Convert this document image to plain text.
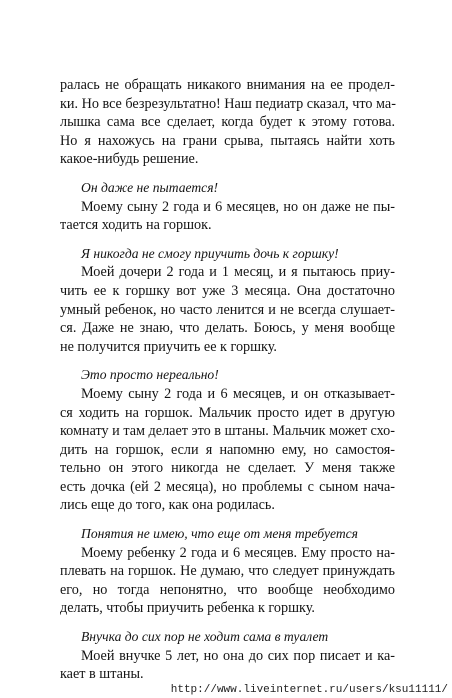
ралась не обращать никакого внимания на ее продел-
ки. Но все безрезультатно! Наш педиатр сказал, что ма-
лышка сама все сделает, когда будет к этому готова.
Но я нахожусь на грани срыва, пытаясь найти хоть
какое-нибудь решение.

Он даже не пытается!

Моему сыну 2 года и 6 месяцев, но он даже не пы-
тается ходить на горшок.

Я никогда не смогу приучить дочь к горшку!

Моей дочери 2 года и 1 месяц, и я пытаюсь приу-
чить ее к горшку вот уже 3 месяца. Она достаточно
умный ребенок, но часто ленится и не всегда слушает-
ся. Даже не знаю, что делать. Боюсь, у меня вообще
не получится приучить ее к горшку.

Это просто нереально!

Моему сыну 2 года и 6 месяцев, и он отказывает-
ся ходить на горшок. Мальчик просто идет в другую
комнату и там делает это в штаны. Мальчик может схо-
дить на горшок, если я напомню ему, но самостоя-
тельно он этого никогда не сделает. У меня также
есть дочка (ей 2 месяца), но проблемы с сыном нача-
лись еще до того, как она родилась.

Понятия не имею, что еще от меня требуется

Моему ребенку 2 года и 6 месяцев. Ему просто на-
плевать на горшок. Не думаю, что следует принуждать
его, но тогда непонятно, что вообще необходимо
делать, чтобы приучить ребенка к горшку.

Внучка до сих пор не ходит сама в туалет

Моей внучке 5 лет, но она до сих пор писает и ка-
кает в штаны.

http://www.liveinternet.ru/users/ksu11111/
